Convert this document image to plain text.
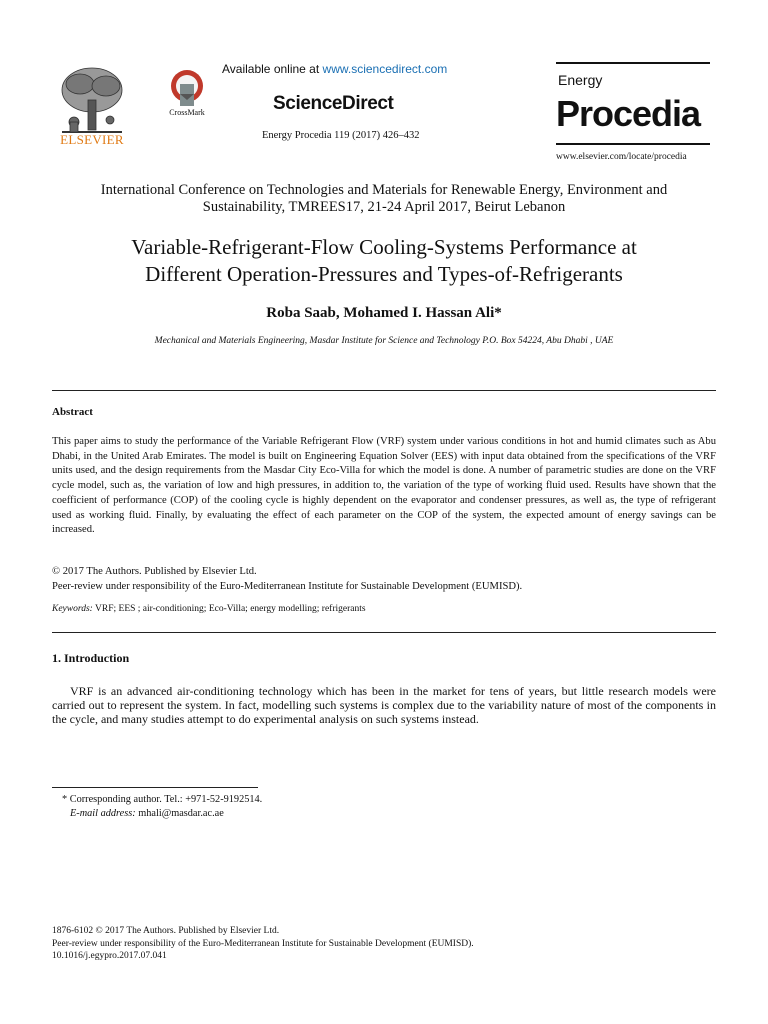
ELSEVIER
CrossMark
Available online at www.sciencedirect.com
ScienceDirect
Energy Procedia 119 (2017) 426–432
Energy
Procedia
www.elsevier.com/locate/procedia
International Conference on Technologies and Materials for Renewable Energy, Environment and
Sustainability, TMREES17, 21-24 April 2017, Beirut Lebanon
Variable-Refrigerant-Flow Cooling-Systems Performance at
Different Operation-Pressures and Types-of-Refrigerants
Roba Saab, Mohamed I. Hassan Ali*
Mechanical and Materials Engineering, Masdar Institute for Science and Technology P.O. Box 54224, Abu Dhabi , UAE
Abstract
This paper aims to study the performance of the Variable Refrigerant Flow (VRF) system under various conditions in hot and humid climates such as Abu Dhabi, in the United Arab Emirates. The model is built on Engineering Equation Solver (EES) with input data obtained from the specifications of the VRF units used, and the design requirements from the Masdar City Eco-Villa for which the model is done. A number of parametric studies are done on the VRF cycle model, such as, the variation of low and high pressures, in addition to, the variation of the type of working fluid used. Results have shown that the coefficient of performance (COP) of the cooling cycle is highly dependent on the evaporator and condenser pressures, as well as, the type of refrigerant used as working fluid. Finally, by evaluating the effect of each parameter on the COP of the system, the expected amount of energy savings can be increased.
© 2017 The Authors. Published by Elsevier Ltd.
Peer-review under responsibility of the Euro-Mediterranean Institute for Sustainable Development (EUMISD).
Keywords: VRF; EES ; air-conditioning; Eco-Villa; energy modelling; refrigerants
1. Introduction
VRF is an advanced air-conditioning technology which has been in the market for tens of years, but little research models were carried out to represent the system. In fact, modelling such systems is complex due to the variability nature of most of the components in the cycle, and many studies attempt to do experimental analysis on such systems instead.
* Corresponding author. Tel.: +971-52-9192514.
E-mail address: mhali@masdar.ac.ae
1876-6102 © 2017 The Authors. Published by Elsevier Ltd.
Peer-review under responsibility of the Euro-Mediterranean Institute for Sustainable Development (EUMISD).
10.1016/j.egypro.2017.07.041
